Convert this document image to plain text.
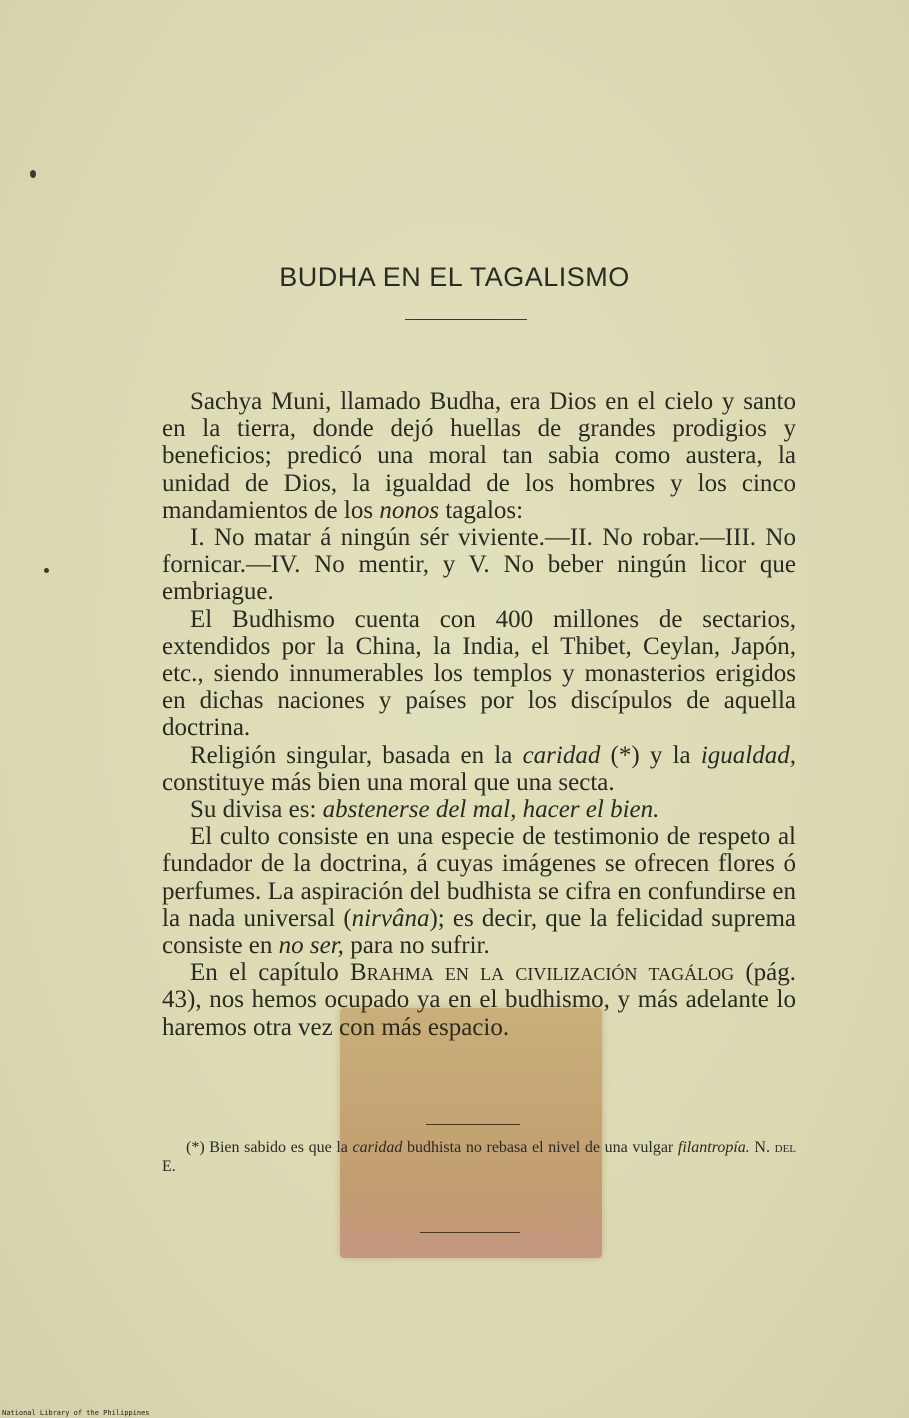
BUDHA EN EL TAGALISMO

Sachya Muni, llamado Budha, era Dios en el cielo y santo en la tierra, donde dejó huellas de grandes prodigios y beneficios; predicó una moral tan sabia como austera, la unidad de Dios, la igualdad de los hombres y los cinco mandamientos de los nonos tagalos:

I. No matar á ningún sér viviente.—II. No robar.—III. No fornicar.—IV. No mentir, y V. No beber ningún licor que embriague.

El Budhismo cuenta con 400 millones de sectarios, extendidos por la China, la India, el Thibet, Ceylan, Japón, etc., siendo innumerables los templos y monasterios erigidos en dichas naciones y países por los discípulos de aquella doctrina.

Religión singular, basada en la caridad (*) y la igualdad, constituye más bien una moral que una secta.

Su divisa es: abstenerse del mal, hacer el bien.

El culto consiste en una especie de testimonio de respeto al fundador de la doctrina, á cuyas imágenes se ofrecen flores ó perfumes. La aspiración del budhista se cifra en confundirse en la nada universal (nirvâna); es decir, que la felicidad suprema consiste en no ser, para no sufrir.

En el capítulo Brahma en la civilización tagálog (pág. 43), nos hemos ocupado ya en el budhismo, y más adelante lo haremos otra vez con más espacio.

(*) Bien sabido es que la caridad budhista no rebasa el nivel de una vulgar filantropía. N. del E.

National Library of the Philippines
